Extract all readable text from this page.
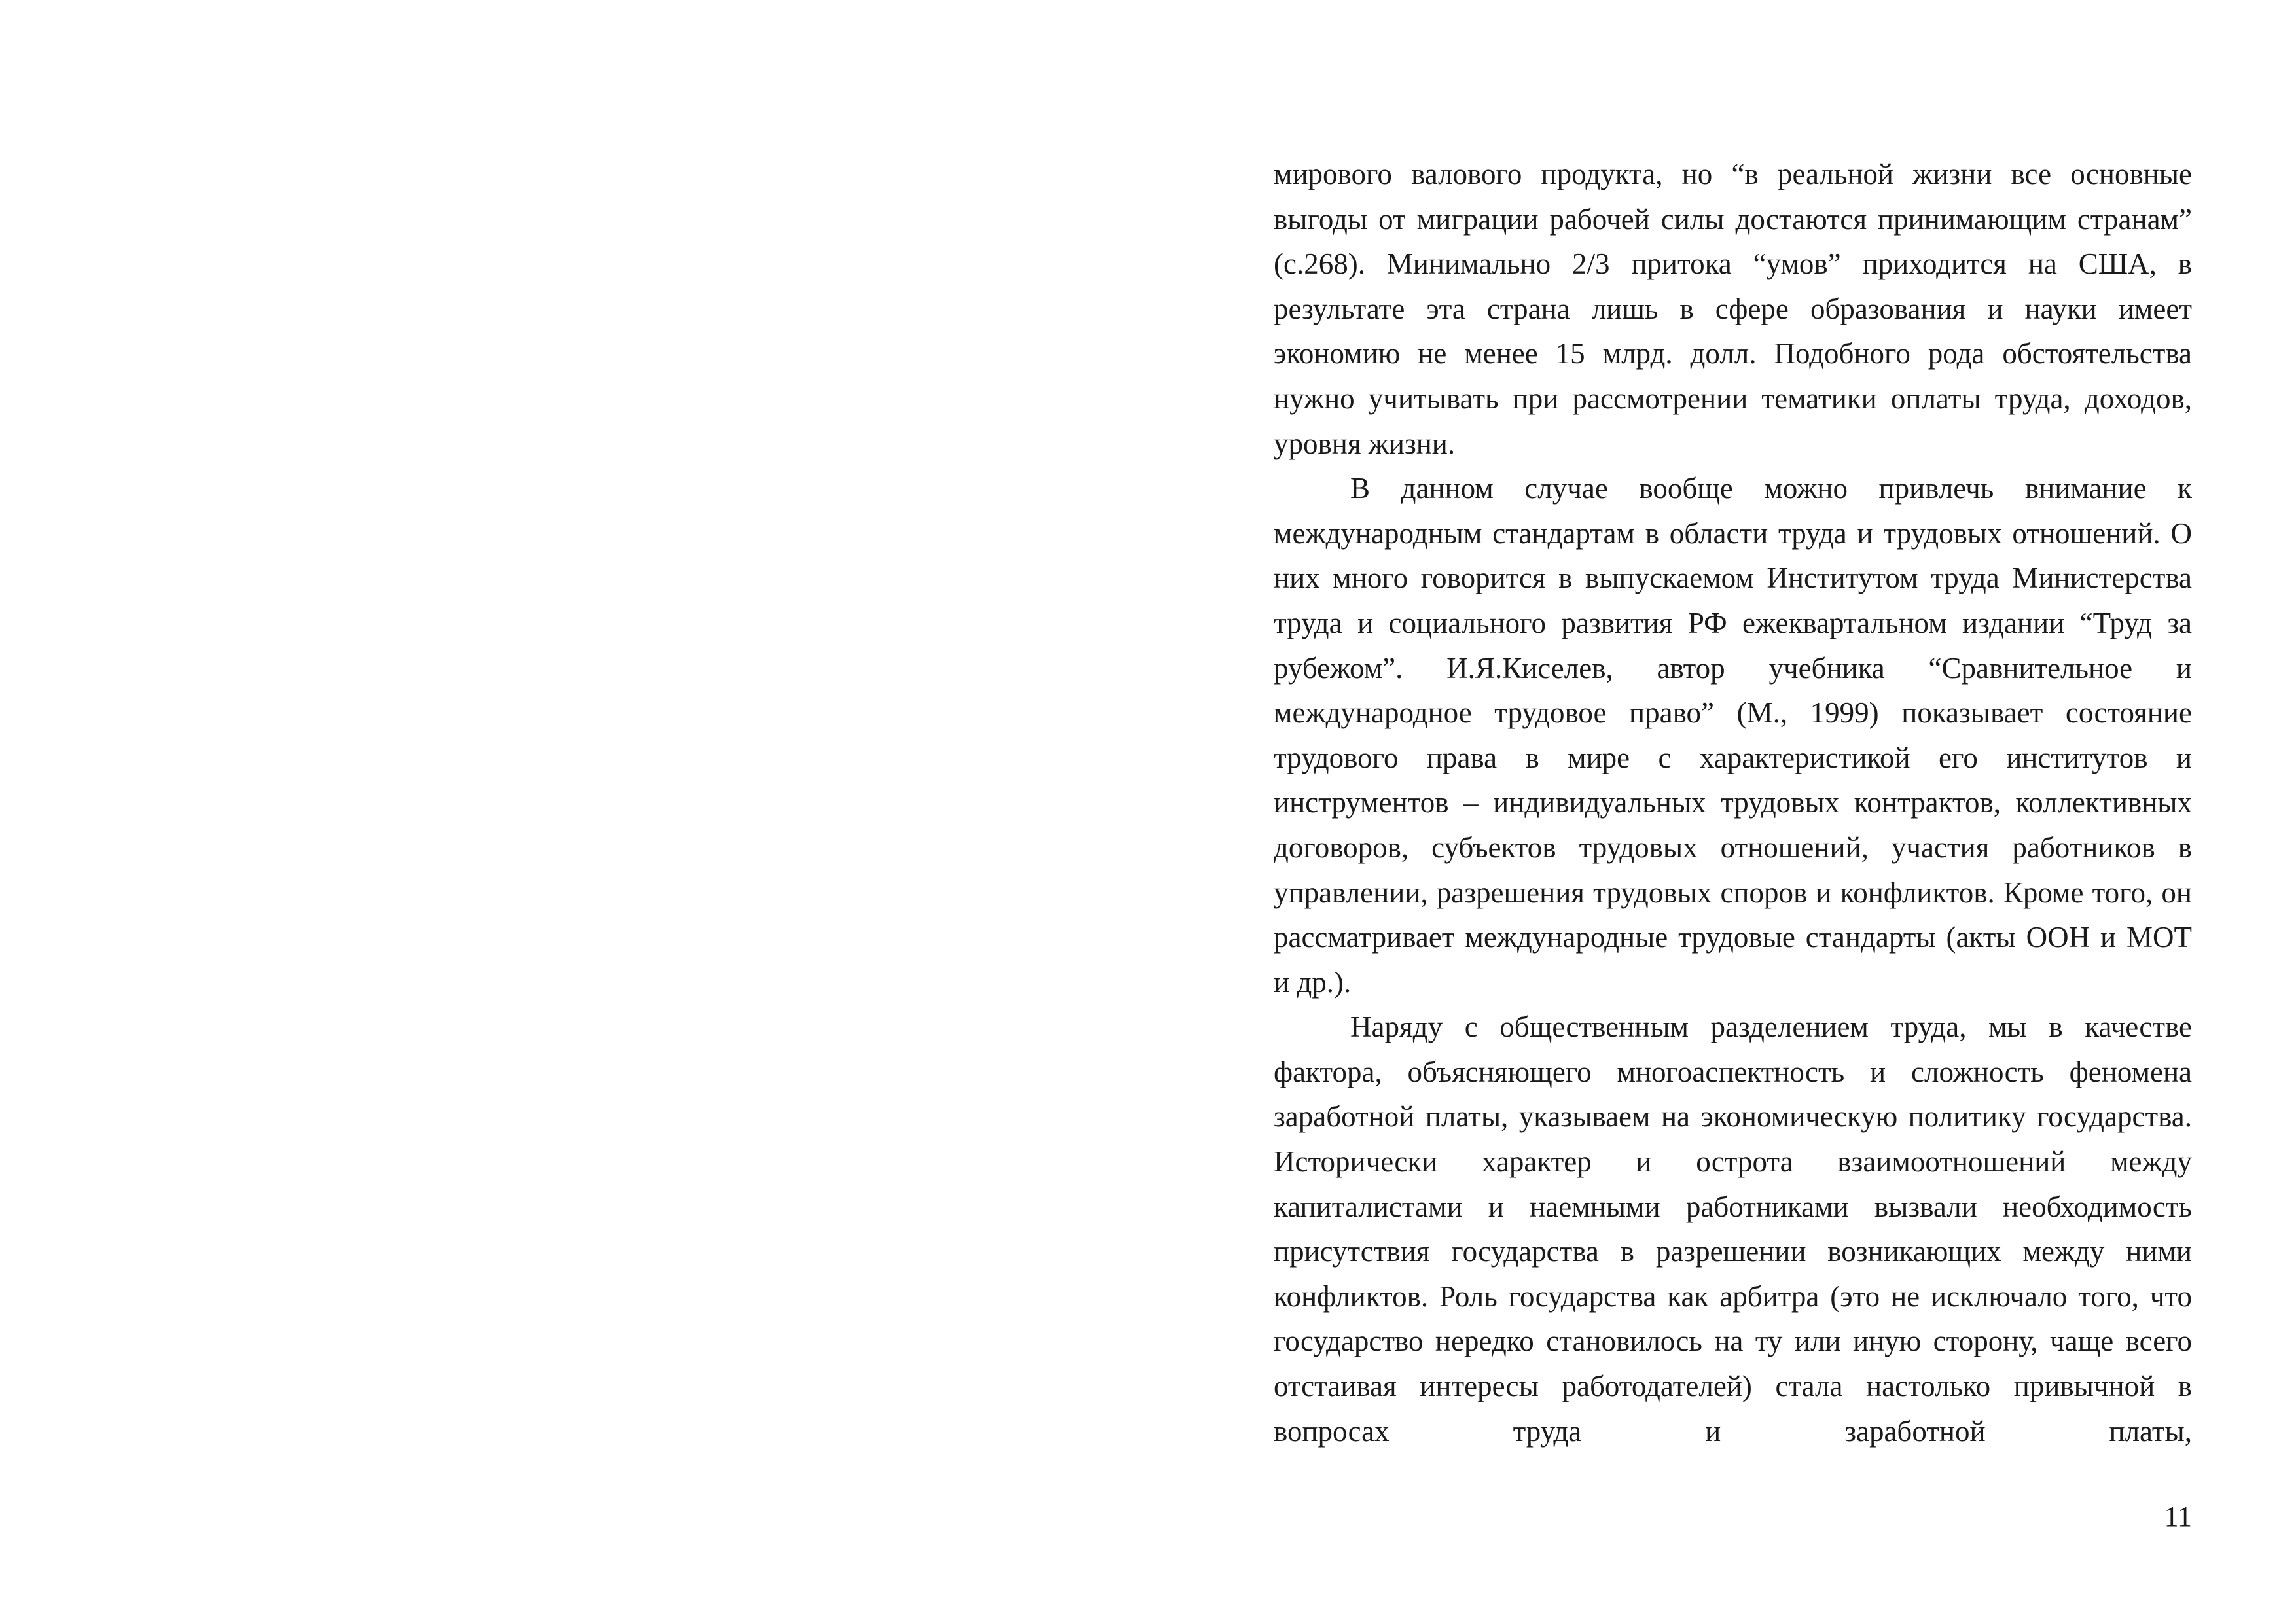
мирового валового продукта, но “в реальной жизни все основные выгоды от миграции рабочей силы достаются принимающим странам” (с.268). Минимально 2/3 притока “умов” приходится на США, в результате эта страна лишь в сфере образования и науки имеет экономию не менее 15 млрд. долл. Подобного рода обстоятельства нужно учитывать при рассмотрении тематики оплаты труда, доходов, уровня жизни.

В данном случае вообще можно привлечь внимание к международным стандартам в области труда и трудовых отношений. О них много говорится в выпускаемом Институтом труда Министерства труда и социального развития РФ ежеквартальном издании “Труд за рубежом”. И.Я.Киселев, автор учебника “Сравнительное и международное трудовое право” (М., 1999) показывает состояние трудового права в мире с характеристикой его институтов и инструментов – индивидуальных трудовых контрактов, коллективных договоров, субъектов трудовых отношений, участия работников в управлении, разрешения трудовых споров и конфликтов. Кроме того, он рассматривает международные трудовые стандарты (акты ООН и МОТ и др.).

Наряду с общественным разделением труда, мы в качестве фактора, объясняющего многоаспектность и сложность феномена заработной платы, указываем на экономическую политику государства. Исторически характер и острота взаимоотношений между капиталистами и наемными работниками вызвали необходимость присутствия государства в разрешении возникающих между ними конфликтов. Роль государства как арбитра (это не исключало того, что государство нередко становилось на ту или иную сторону, чаще всего отстаивая интересы работодателей) стала настолько привычной в вопросах труда и заработной платы,

11
